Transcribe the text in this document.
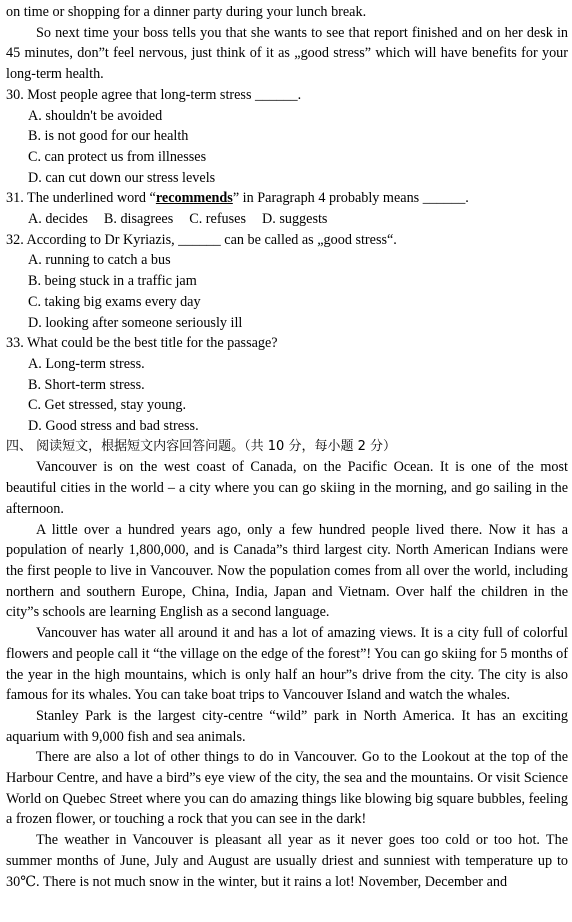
on time or shopping for a dinner party during your lunch break.

So next time your boss tells you that she wants to see that report finished and on her desk in 45 minutes, don”t feel nervous, just think of it as „good stress” which will have benefits for your long-term health.

30. Most people agree that long-term stress ______.

A. shouldn't be avoided

B. is not good for our health

C. can protect us from illnesses

D. can cut down our stress levels

31. The underlined word “recommends” in Paragraph 4 probably means ______.

A. decides B. disagrees C. refuses D. suggests

32. According to Dr Kyriazis, ______ can be called as „good stress“.

A. running to catch a bus

B. being stuck in a traffic jam

C. taking big exams every day

D. looking after someone seriously ill

33. What could be the best title for the passage?

A. Long-term stress.

B. Short-term stress.

C. Get stressed, stay young.

D. Good stress and bad stress.

四、 阅读短文，根据短文内容回答问题。（共 10 分，每小题 2 分）

Vancouver is on the west coast of Canada, on the Pacific Ocean. It is one of the most beautiful cities in the world – a city where you can go skiing in the morning, and go sailing in the afternoon.

A little over a hundred years ago, only a few hundred people lived there. Now it has a population of nearly 1,800,000, and is Canada”s third largest city. North American Indians were the first people to live in Vancouver. Now the population comes from all over the world, including northern and southern Europe, China, India, Japan and Vietnam. Over half the children in the city”s schools are learning English as a second language.

Vancouver has water all around it and has a lot of amazing views. It is a city full of colorful flowers and people call it “the village on the edge of the forest”! You can go skiing for 5 months of the year in the high mountains, which is only half an hour”s drive from the city. The city is also famous for its whales. You can take boat trips to Vancouver Island and watch the whales.

Stanley Park is the largest city-centre “wild” park in North America. It has an exciting aquarium with 9,000 fish and sea animals.

There are also a lot of other things to do in Vancouver. Go to the Lookout at the top of the Harbour Centre, and have a bird”s eye view of the city, the sea and the mountains. Or visit Science World on Quebec Street where you can do amazing things like blowing big square bubbles, feeling a frozen flower, or touching a rock that you can see in the dark!

The weather in Vancouver is pleasant all year as it never goes too cold or too hot. The summer months of June, July and August are usually driest and sunniest with temperature up to 30℃. There is not much snow in the winter, but it rains a lot! November, December and
